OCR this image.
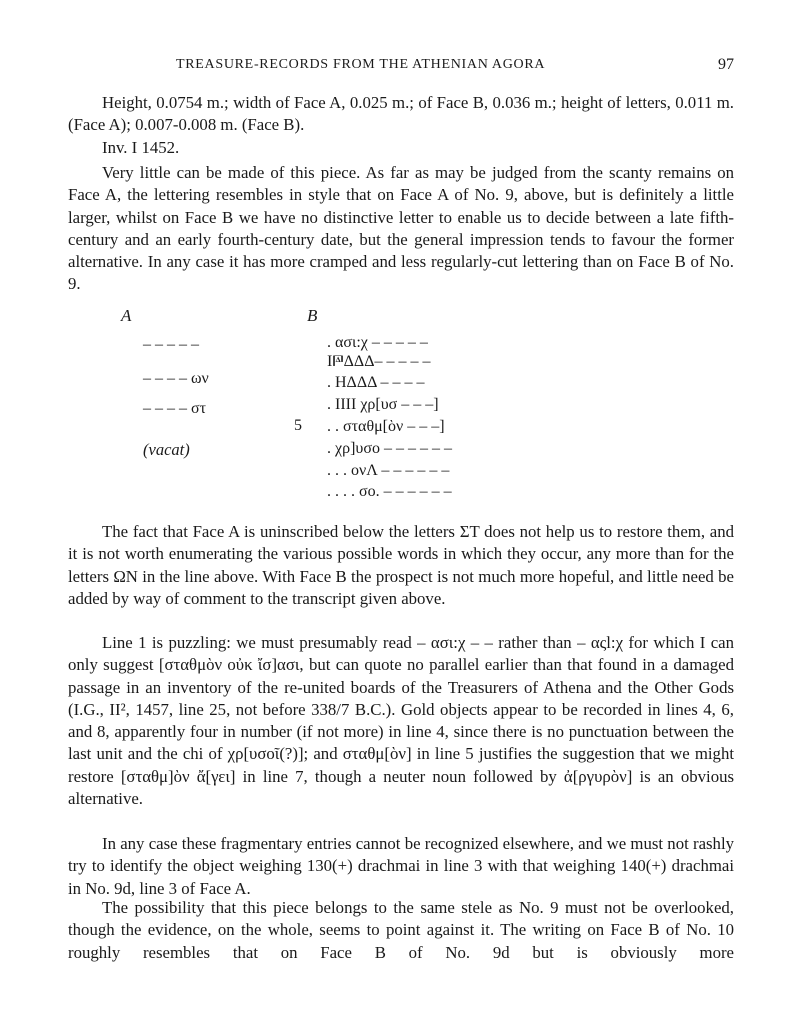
TREASURE-RECORDS FROM THE ATHENIAN AGORA	97

Height, 0.0754 m.; width of Face A, 0.025 m.; of Face B, 0.036 m.; height of letters, 0.011 m. (Face A); 0.007-0.008 m. (Face B).

Inv. I 1452.

Very little can be made of this piece. As far as may be judged from the scanty remains on Face A, the lettering resembles in style that on Face A of No. 9, above, but is definitely a little larger, whilst on Face B we have no distinctive letter to enable us to decide between a late fifth-century and an early fourth-century date, but the general impression tends to favour the former alternative. In any case it has more cramped and less regularly-cut lettering than on Face B of No. 9.

A	B
– – – – –
– – – – ων
– – – – στ
(vacat)
5
. ασι:χ – – – – –
I𐅄ΔΔΔ– – – – –
. ΗΔΔΔ – – – –
. IIII χρ[υσ – – –]
. . σταθμ[ὸν – – –]
. χρ]υσο – – – – – –
. . . ονΛ – – – – – –
. . . . σο. – – – – – –

The fact that Face A is uninscribed below the letters ΣΤ does not help us to restore them, and it is not worth enumerating the various possible words in which they occur, any more than for the letters ΩΝ in the line above. With Face B the prospect is not much more hopeful, and little need be added by way of comment to the transcript given above.

Line 1 is puzzling: we must presumably read – ασι:χ – – rather than – αςl:χ for which I can only suggest [σταθμὸν οὐκ ἴσ]ασι, but can quote no parallel earlier than that found in a damaged passage in an inventory of the re-united boards of the Treasurers of Athena and the Other Gods (I.G., II², 1457, line 25, not before 338/7 B.C.). Gold objects appear to be recorded in lines 4, 6, and 8, apparently four in number (if not more) in line 4, since there is no punctuation between the last unit and the chi of χρ[υσοῖ(?)]; and σταθμ[ὸν] in line 5 justifies the suggestion that we might restore [σταθμ]ὸν ἄ[γει] in line 7, though a neuter noun followed by ἀ[ργυρὸν] is an obvious alternative.

In any case these fragmentary entries cannot be recognized elsewhere, and we must not rashly try to identify the object weighing 130(+) drachmai in line 3 with that weighing 140(+) drachmai in No. 9d, line 3 of Face A.

The possibility that this piece belongs to the same stele as No. 9 must not be overlooked, though the evidence, on the whole, seems to point against it. The writing on Face B of No. 10 roughly resembles that on Face B of No. 9d but is obviously more
